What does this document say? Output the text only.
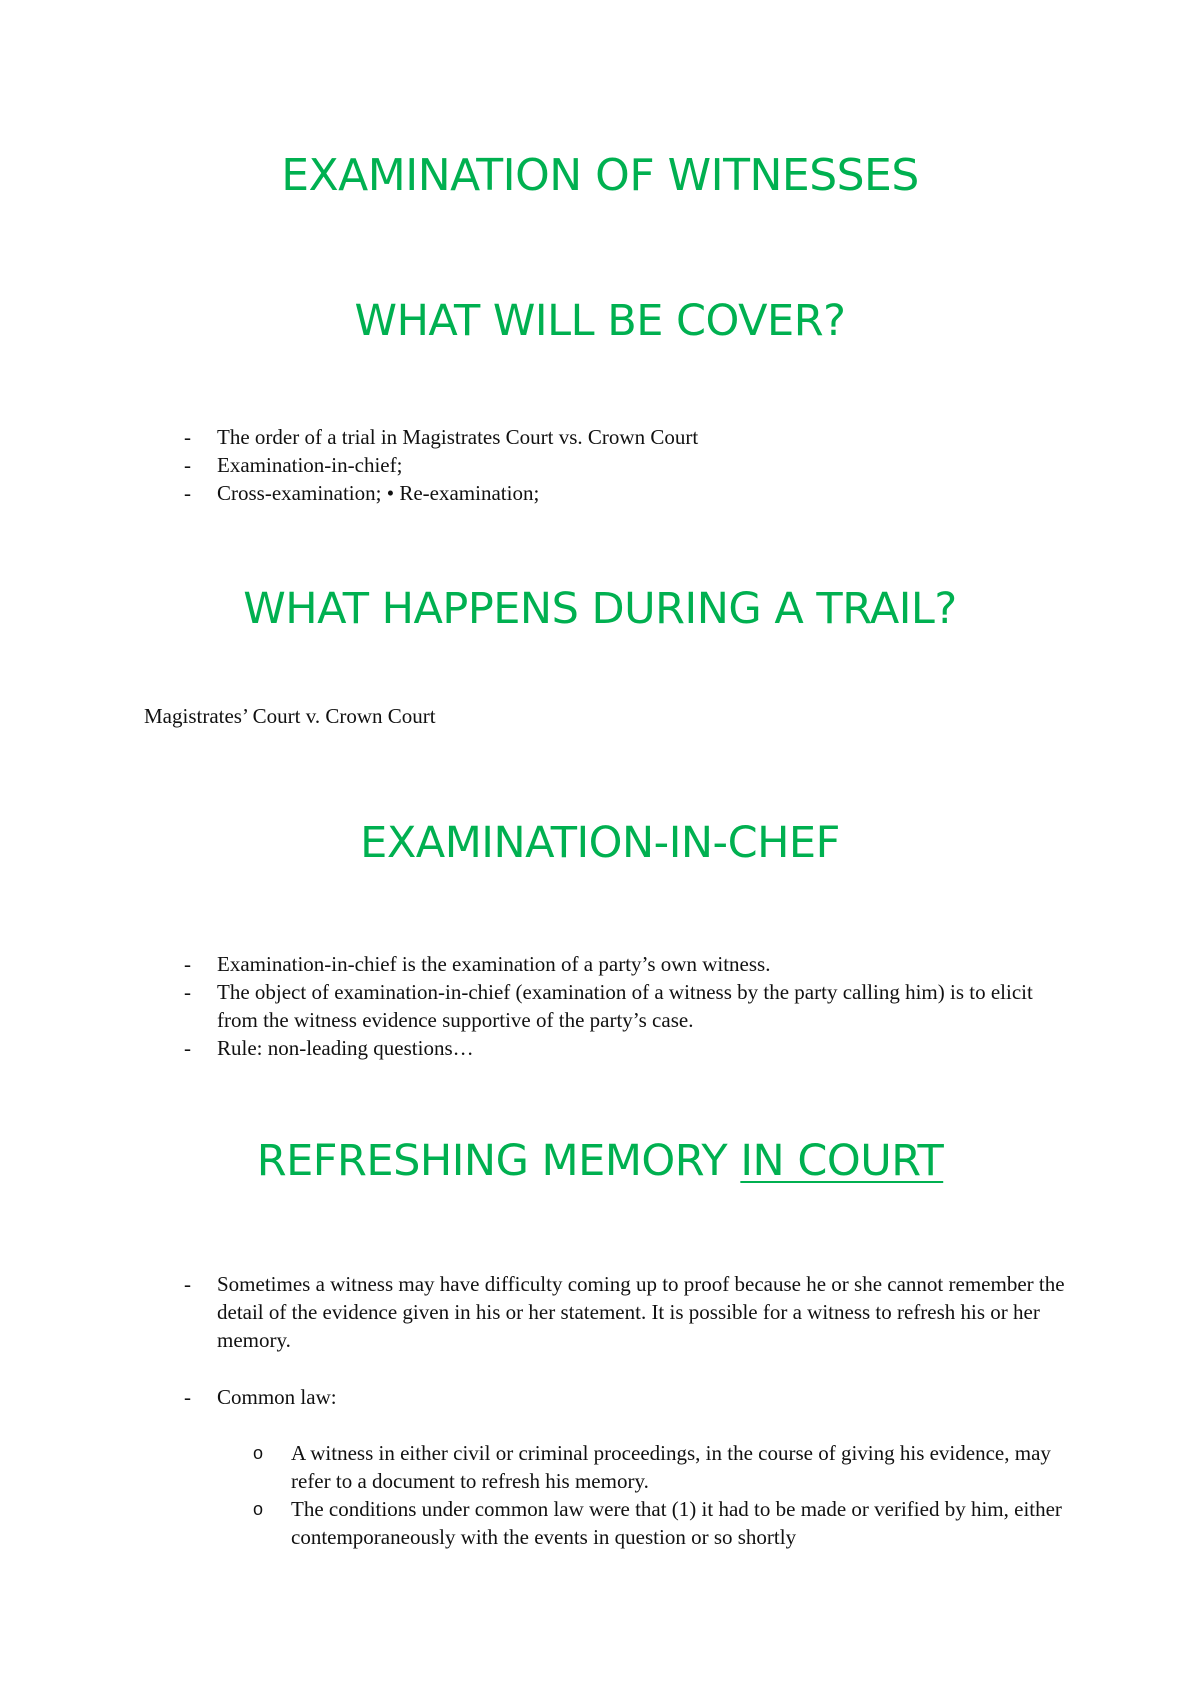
EXAMINATION OF WITNESSES
WHAT WILL BE COVER?
- The order of a trial in Magistrates Court vs. Crown Court
- Examination-in-chief;
- Cross-examination; • Re-examination;
WHAT HAPPENS DURING A TRAIL?

Magistrates’ Court v. Crown Court

EXAMINATION-IN-CHEF
- Examination-in-chief is the examination of a party’s own witness.
- The object of examination-in-chief (examination of a witness by the party calling him) is to elicit from the witness evidence supportive of the party’s case.
- Rule: non-leading questions…
REFRESHING MEMORY IN COURT
- Sometimes a witness may have difficulty coming up to proof because he or she cannot remember the detail of the evidence given in his or her statement. It is possible for a witness to refresh his or her memory.
- Common law:
o A witness in either civil or criminal proceedings, in the course of giving his evidence, may refer to a document to refresh his memory.
o The conditions under common law were that (1) it had to be made or verified by him, either contemporaneously with the events in question or so shortly
